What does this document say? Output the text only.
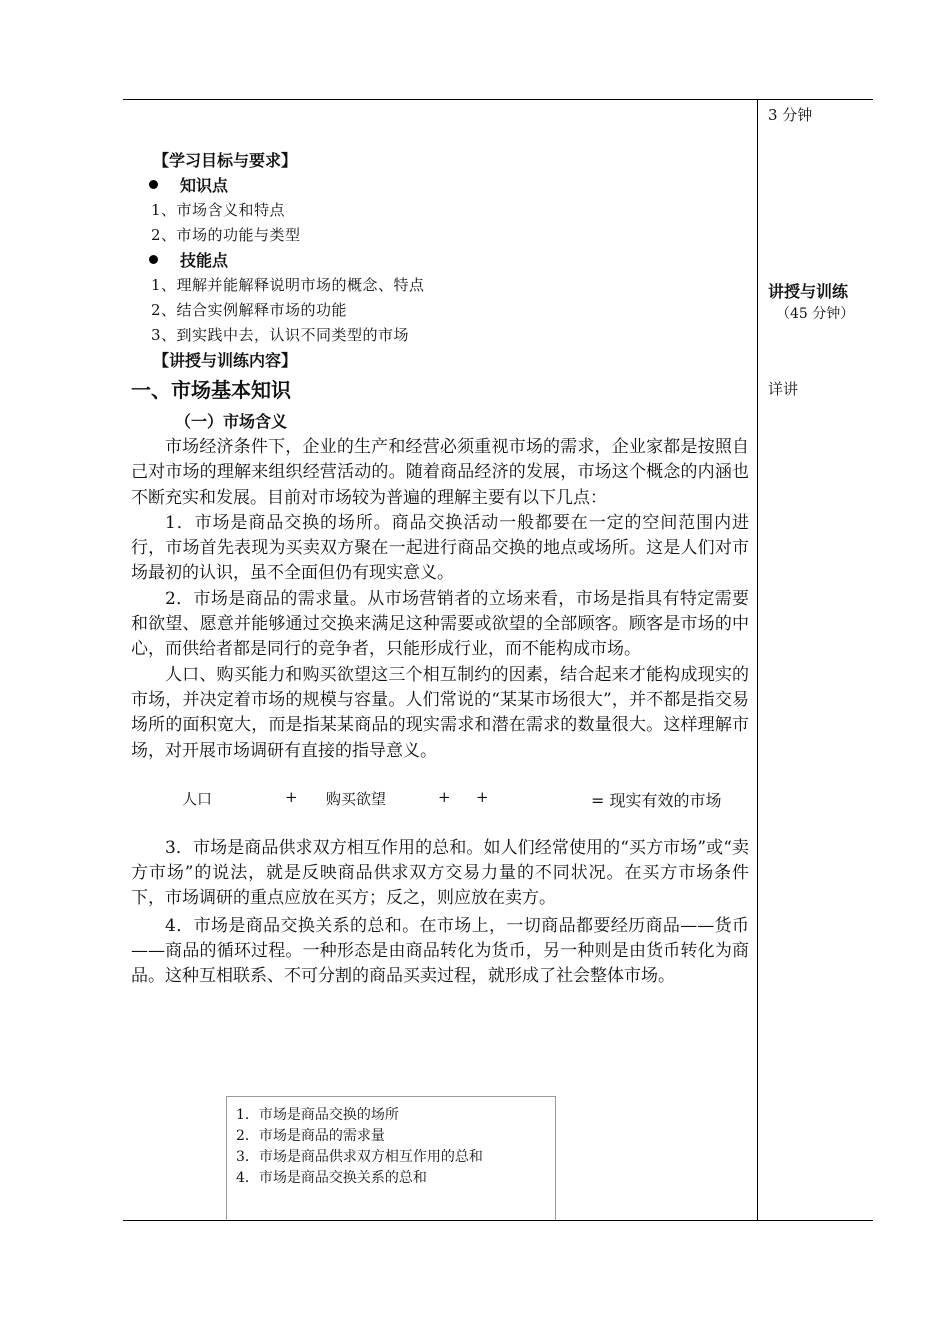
3 分钟
讲授与训练
（45 分钟）
详讲
【学习目标与要求】
知识点
1、市场含义和特点
2、市场的功能与类型
技能点
1、理解并能解释说明市场的概念、特点
2、结合实例解释市场的功能
3、到实践中去，认识不同类型的市场
【讲授与训练内容】
一、市场基本知识
（一）市场含义

市场经济条件下，企业的生产和经营必须重视市场的需求，企业家都是按照自己对市场的理解来组织经营活动的。随着商品经济的发展，市场这个概念的内涵也不断充实和发展。目前对市场较为普遍的理解主要有以下几点：

1．市场是商品交换的场所。商品交换活动一般都要在一定的空间范围内进行，市场首先表现为买卖双方聚在一起进行商品交换的地点或场所。这是人们对市场最初的认识，虽不全面但仍有现实意义。

2．市场是商品的需求量。从市场营销者的立场来看，市场是指具有特定需要和欲望、愿意并能够通过交换来满足这种需要或欲望的全部顾客。顾客是市场的中心，而供给者都是同行的竞争者，只能形成行业，而不能构成市场。

人口、购买能力和购买欲望这三个相互制约的因素，结合起来才能构成现实的市场，并决定着市场的规模与容量。人们常说的“某某市场很大”，并不都是指交易场所的面积宽大，而是指某某商品的现实需求和潜在需求的数量很大。这样理解市场，对开展市场调研有直接的指导意义。

人口	+ 购买欲望	+ +	= 现实有效的市场

3．市场是商品供求双方相互作用的总和。如人们经常使用的“买方市场”或“卖方市场”的说法，就是反映商品供求双方交易力量的不同状况。在买方市场条件下，市场调研的重点应放在买方；反之，则应放在卖方。

4．市场是商品交换关系的总和。在市场上，一切商品都要经历商品——货币——商品的循环过程。一种形态是由商品转化为货币，另一种则是由货币转化为商品。这种互相联系、不可分割的商品买卖过程，就形成了社会整体市场。

1．市场是商品交换的场所
2．市场是商品的需求量
3．市场是商品供求双方相互作用的总和
4．市场是商品交换关系的总和
